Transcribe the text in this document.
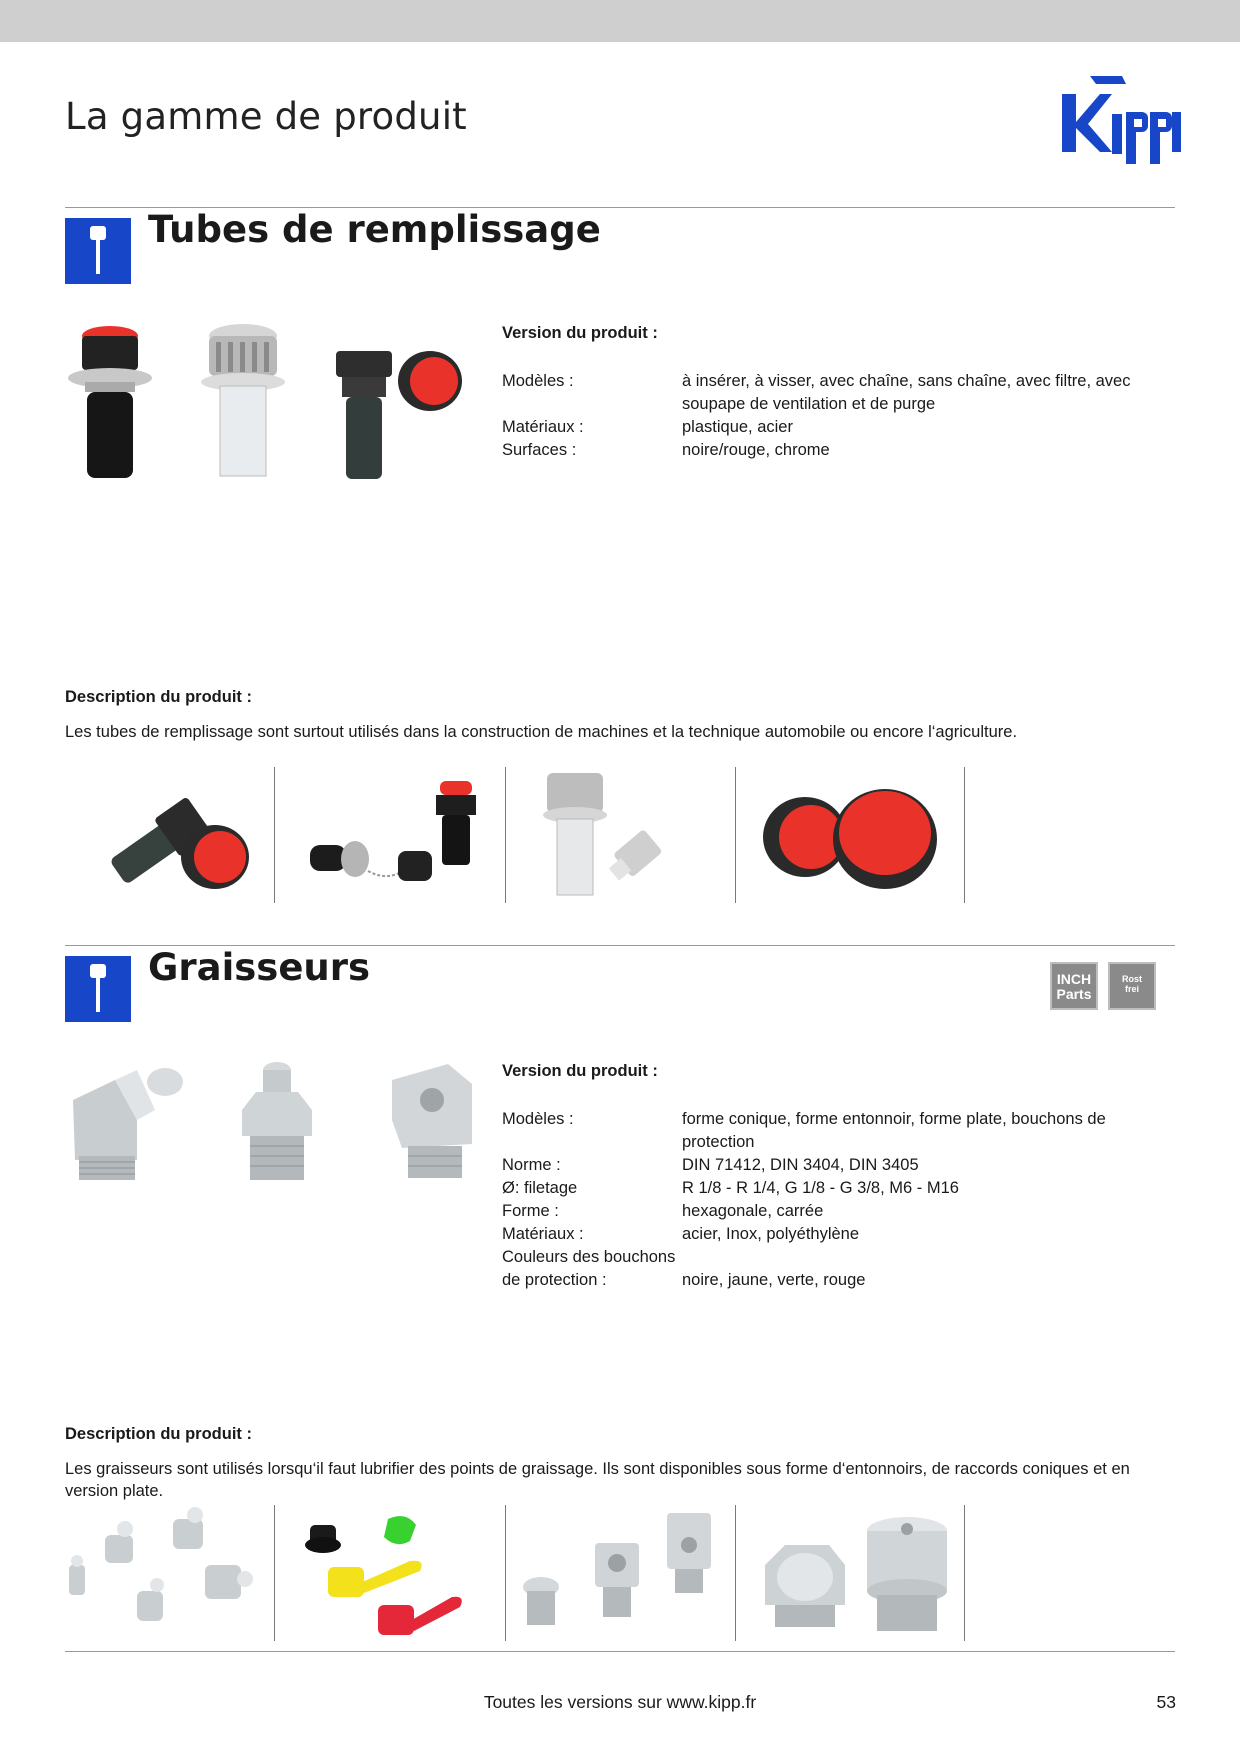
La gamme de produit
Tubes de remplissage
Version du produit :
Modèles :	à insérer, à visser, avec chaîne, sans chaîne, avec filtre, avec soupape de ventilation et de purge
Matériaux :	plastique, acier
Surfaces :	noire/rouge, chrome
Description du produit :
Les tubes de remplissage sont surtout utilisés dans la construction de machines et la technique automobile ou encore l‘agriculture.
Graisseurs	INCH
Parts
Rost
frei
Version du produit :
Modèles :	forme conique, forme entonnoir, forme plate, bouchons de protection
Norme :	DIN 71412, DIN 3404, DIN 3405
Ø: filetage	R 1/8 - R 1/4, G 1/8 - G 3/8, M6 - M16
Forme :	hexagonale, carrée
Matériaux :	acier, Inox, polyéthylène
Couleurs des bouchons
de protection :	noire, jaune, verte, rouge
Description du produit :
Les graisseurs sont utilisés lorsqu‘il faut lubrifier des points de graissage. Ils sont disponibles sous forme d‘entonnoirs, de raccords coniques et en version plate.
Toutes les versions sur www.kipp.fr	53
